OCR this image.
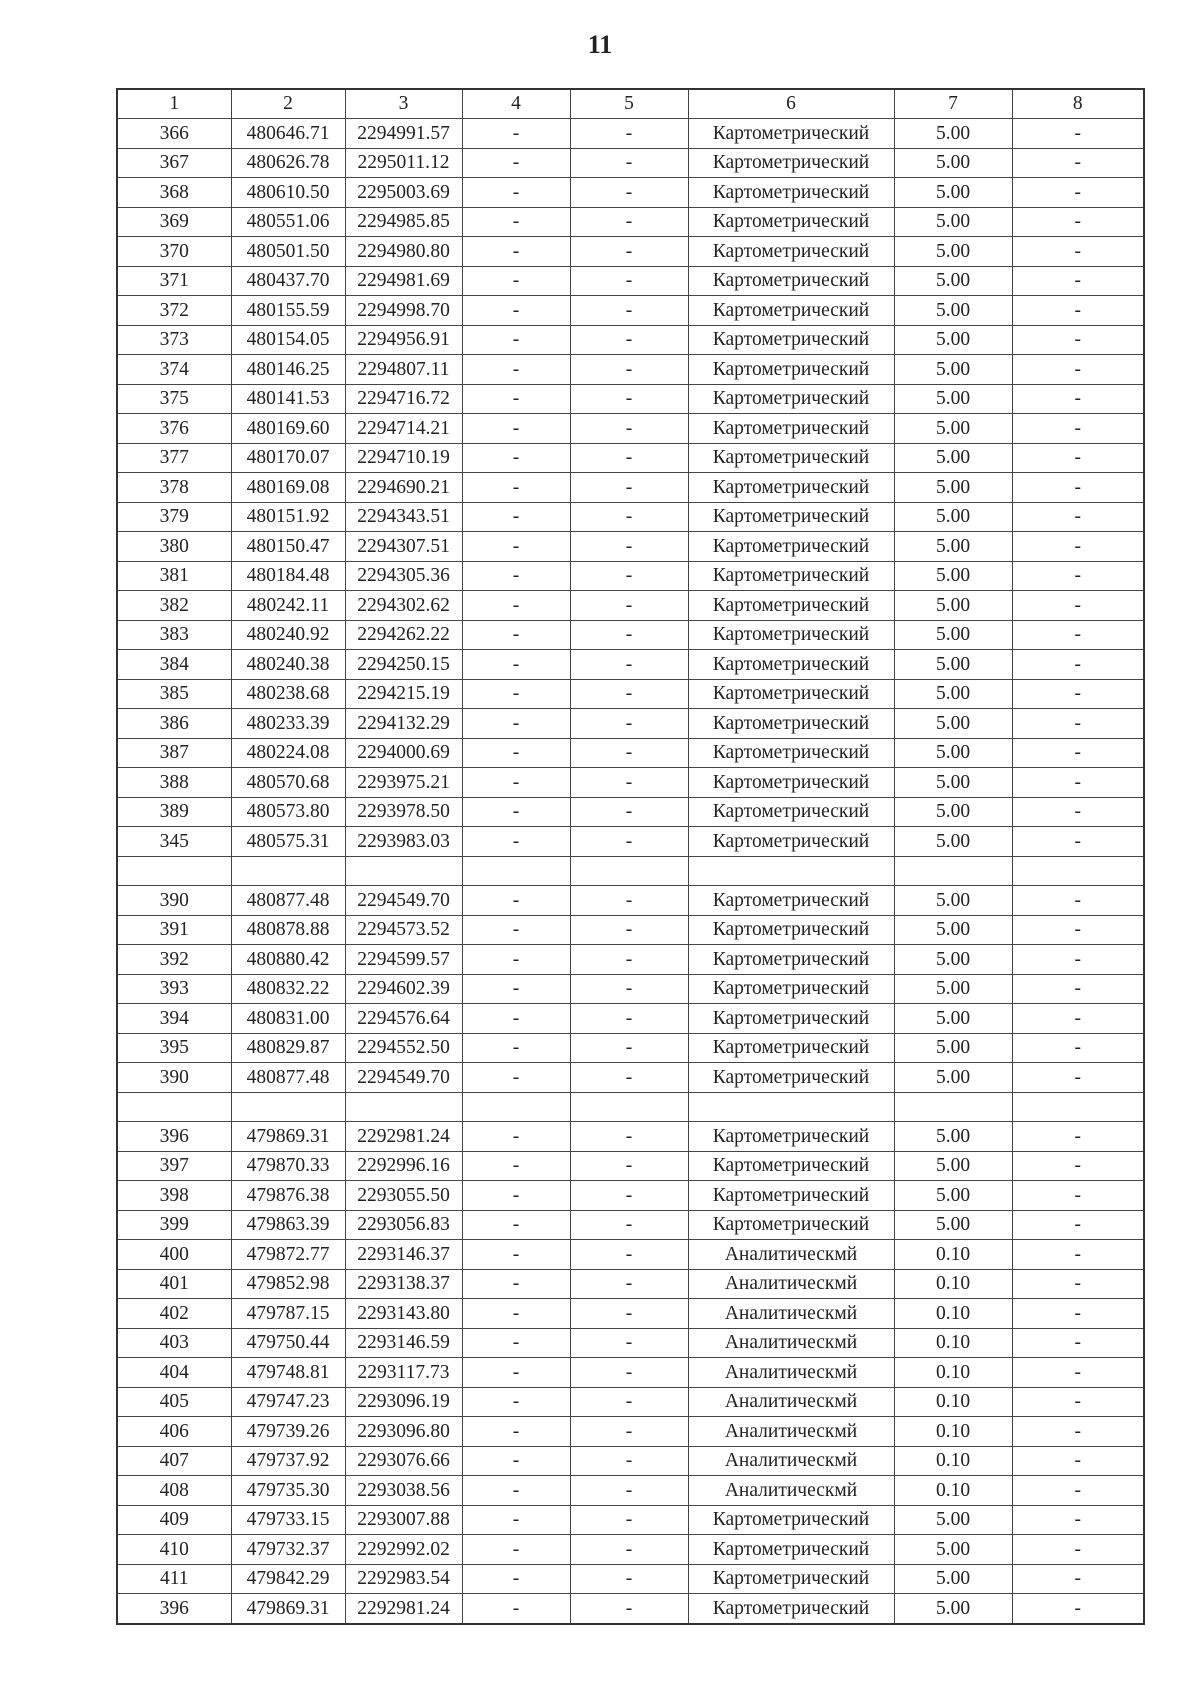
11
1	2	3	4	5	6	7	8
366	480646.71	2294991.57	-	-	Картометрический	5.00	-
367	480626.78	2295011.12	-	-	Картометрический	5.00	-
368	480610.50	2295003.69	-	-	Картометрический	5.00	-
369	480551.06	2294985.85	-	-	Картометрический	5.00	-
370	480501.50	2294980.80	-	-	Картометрический	5.00	-
371	480437.70	2294981.69	-	-	Картометрический	5.00	-
372	480155.59	2294998.70	-	-	Картометрический	5.00	-
373	480154.05	2294956.91	-	-	Картометрический	5.00	-
374	480146.25	2294807.11	-	-	Картометрический	5.00	-
375	480141.53	2294716.72	-	-	Картометрический	5.00	-
376	480169.60	2294714.21	-	-	Картометрический	5.00	-
377	480170.07	2294710.19	-	-	Картометрический	5.00	-
378	480169.08	2294690.21	-	-	Картометрический	5.00	-
379	480151.92	2294343.51	-	-	Картометрический	5.00	-
380	480150.47	2294307.51	-	-	Картометрический	5.00	-
381	480184.48	2294305.36	-	-	Картометрический	5.00	-
382	480242.11	2294302.62	-	-	Картометрический	5.00	-
383	480240.92	2294262.22	-	-	Картометрический	5.00	-
384	480240.38	2294250.15	-	-	Картометрический	5.00	-
385	480238.68	2294215.19	-	-	Картометрический	5.00	-
386	480233.39	2294132.29	-	-	Картометрический	5.00	-
387	480224.08	2294000.69	-	-	Картометрический	5.00	-
388	480570.68	2293975.21	-	-	Картометрический	5.00	-
389	480573.80	2293978.50	-	-	Картометрический	5.00	-
345	480575.31	2293983.03	-	-	Картометрический	5.00	-

390	480877.48	2294549.70	-	-	Картометрический	5.00	-
391	480878.88	2294573.52	-	-	Картометрический	5.00	-
392	480880.42	2294599.57	-	-	Картометрический	5.00	-
393	480832.22	2294602.39	-	-	Картометрический	5.00	-
394	480831.00	2294576.64	-	-	Картометрический	5.00	-
395	480829.87	2294552.50	-	-	Картометрический	5.00	-
390	480877.48	2294549.70	-	-	Картометрический	5.00	-

396	479869.31	2292981.24	-	-	Картометрический	5.00	-
397	479870.33	2292996.16	-	-	Картометрический	5.00	-
398	479876.38	2293055.50	-	-	Картометрический	5.00	-
399	479863.39	2293056.83	-	-	Картометрический	5.00	-
400	479872.77	2293146.37	-	-	Аналитическмй	0.10	-
401	479852.98	2293138.37	-	-	Аналитическмй	0.10	-
402	479787.15	2293143.80	-	-	Аналитическмй	0.10	-
403	479750.44	2293146.59	-	-	Аналитическмй	0.10	-
404	479748.81	2293117.73	-	-	Аналитическмй	0.10	-
405	479747.23	2293096.19	-	-	Аналитическмй	0.10	-
406	479739.26	2293096.80	-	-	Аналитическмй	0.10	-
407	479737.92	2293076.66	-	-	Аналитическмй	0.10	-
408	479735.30	2293038.56	-	-	Аналитическмй	0.10	-
409	479733.15	2293007.88	-	-	Картометрический	5.00	-
410	479732.37	2292992.02	-	-	Картометрический	5.00	-
411	479842.29	2292983.54	-	-	Картометрический	5.00	-
396	479869.31	2292981.24	-	-	Картометрический	5.00	-
